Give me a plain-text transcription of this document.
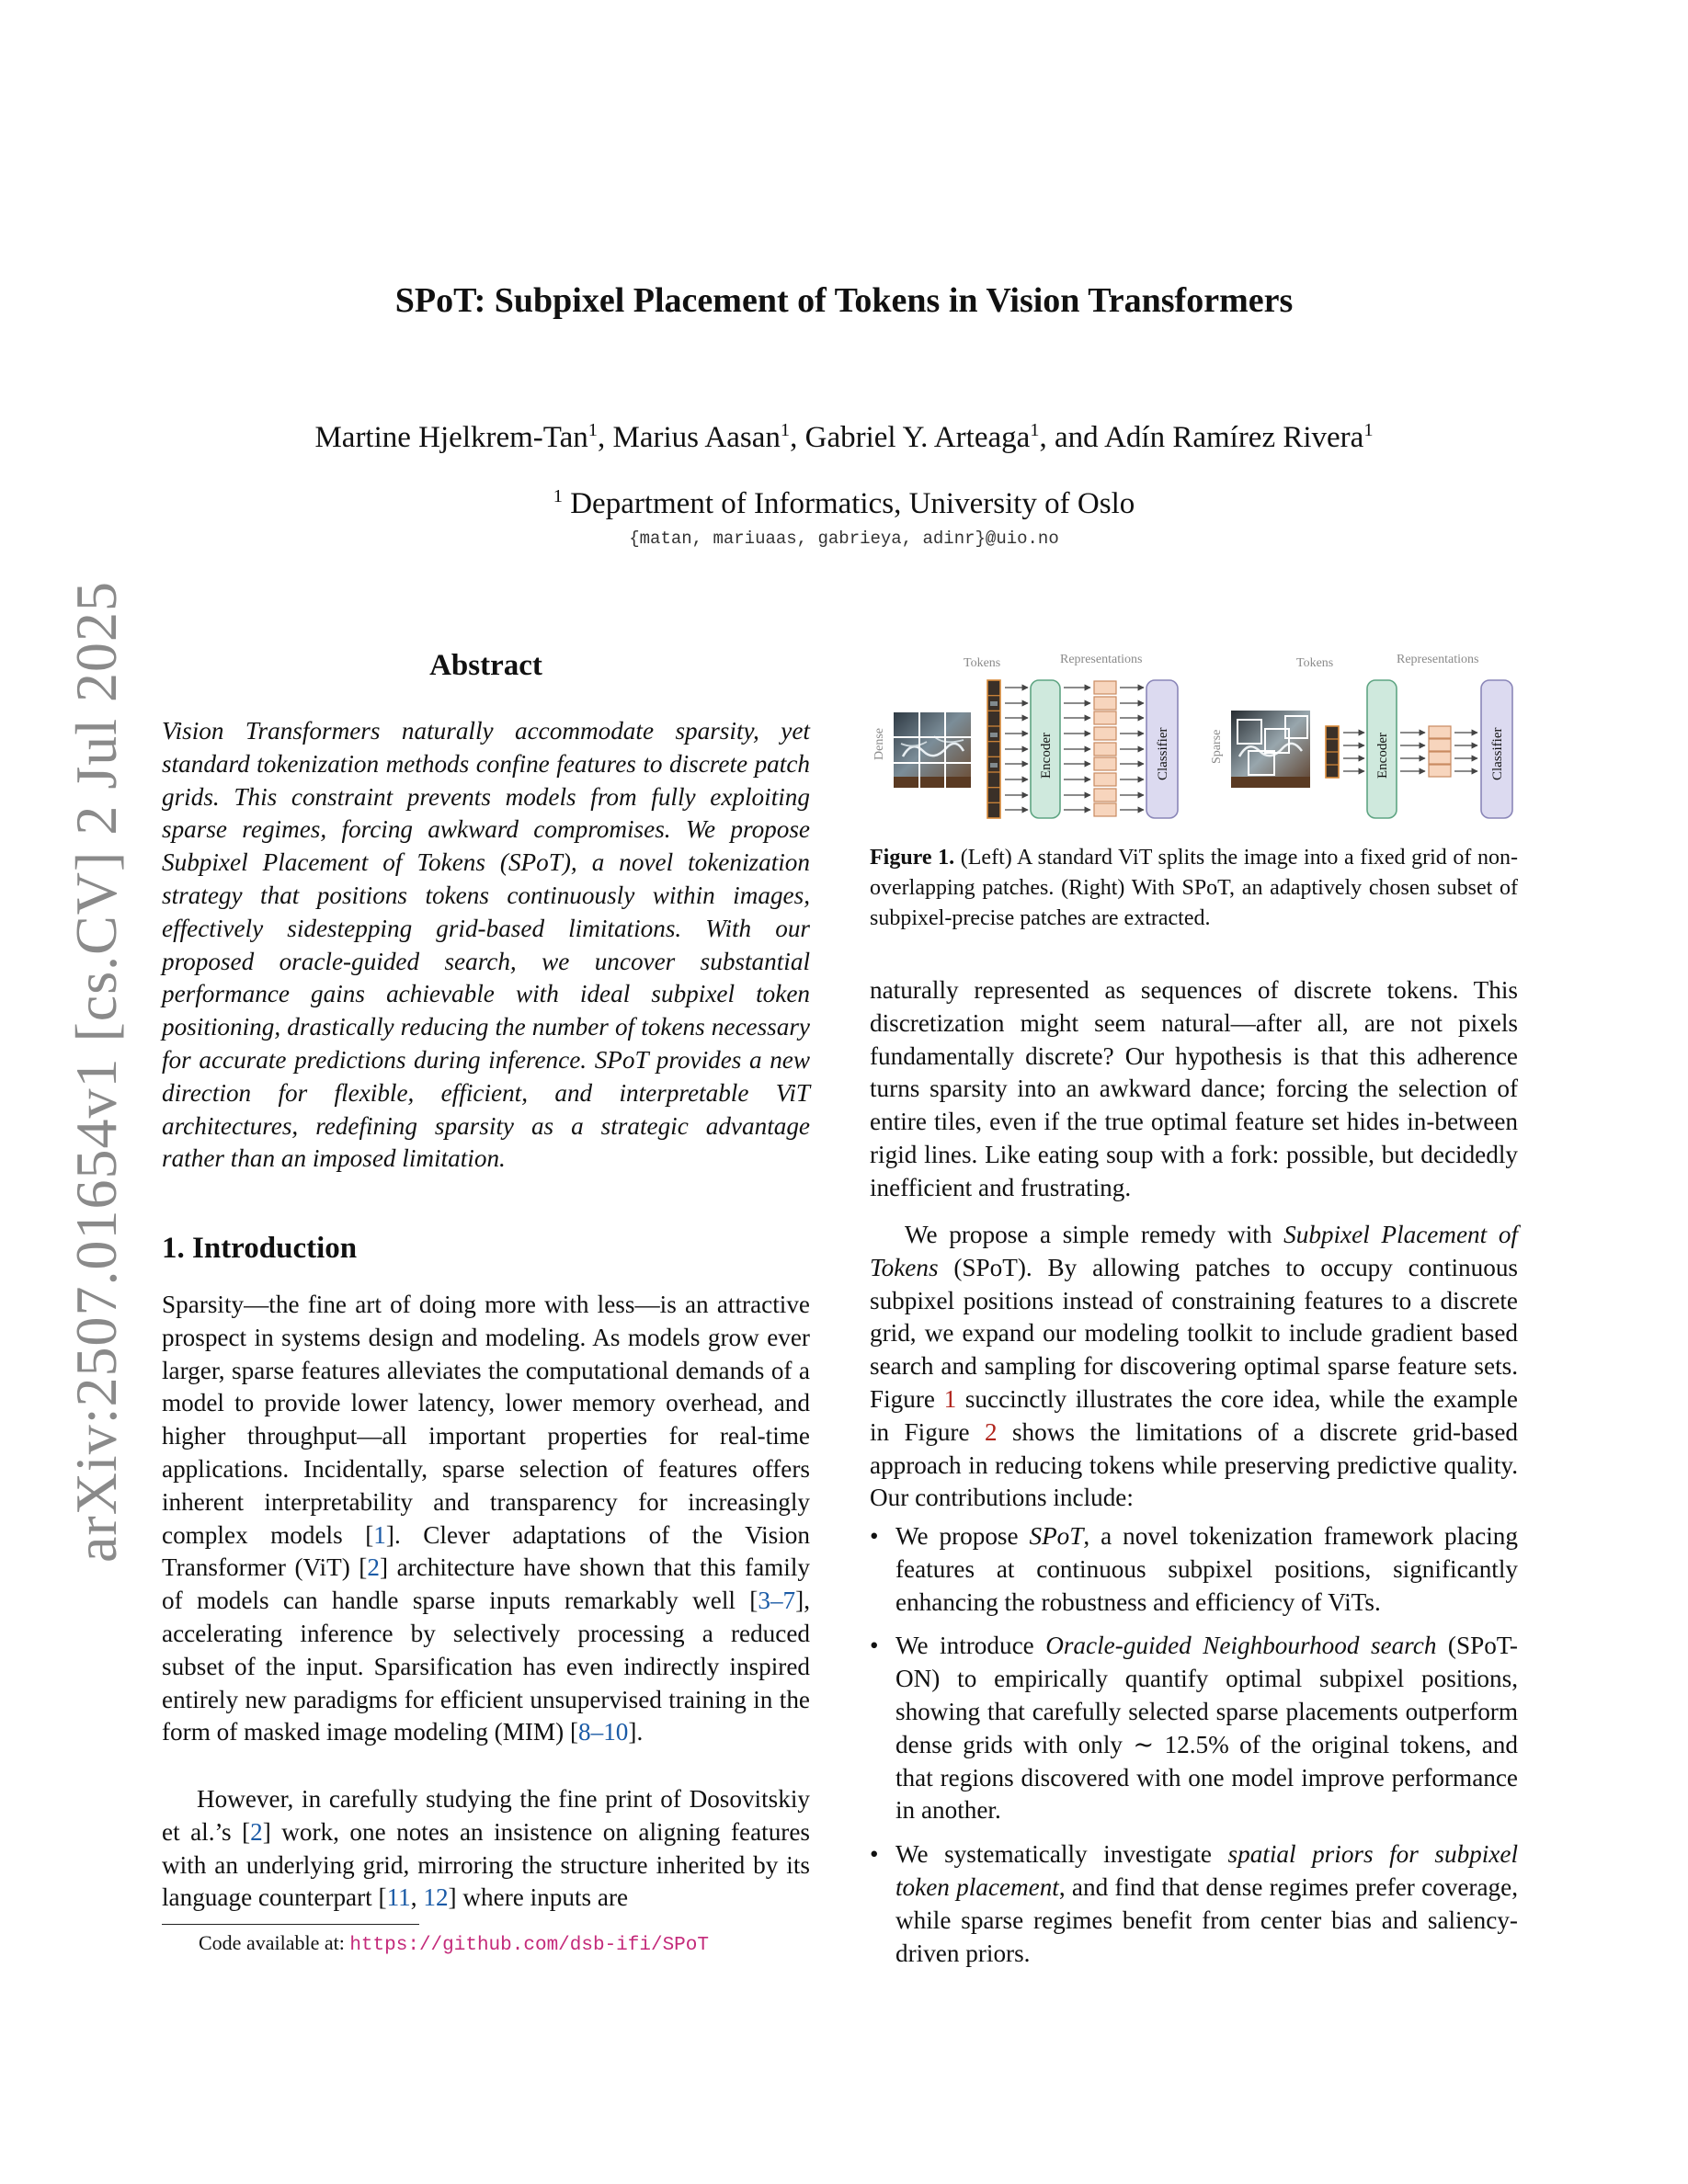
arXiv:2507.01654v1 [cs.CV] 2 Jul 2025
SPoT: Subpixel Placement of Tokens in Vision Transformers
Martine Hjelkrem-Tan$^1$, Marius Aasan$^1$, Gabriel Y. Arteaga$^1$, and Adín Ramírez Rivera$^1$
$^1$ Department of Informatics, University of Oslo
{matan, mariuaas, gabrieya, adinr}@uio.no
Abstract
Vision Transformers naturally accommodate sparsity, yet standard tokenization methods confine features to discrete patch grids. This constraint prevents models from fully exploiting sparse regimes, forcing awkward compromises. We propose Subpixel Placement of Tokens (SPoT), a novel tokenization strategy that positions tokens continuously within images, effectively sidestepping grid-based limitations. With our proposed oracle-guided search, we uncover substantial performance gains achievable with ideal subpixel token positioning, drastically reducing the number of tokens necessary for accurate predictions during inference. SPoT provides a new direction for flexible, efficient, and interpretable ViT architectures, redefining sparsity as a strategic advantage rather than an imposed limitation.
1. Introduction
Sparsity—the fine art of doing more with less—is an attractive prospect in systems design and modeling. As models grow ever larger, sparse features alleviates the computational demands of a model to provide lower latency, lower memory overhead, and higher throughput—all important properties for real-time applications. Incidentally, sparse selection of features offers inherent interpretability and transparency for increasingly complex models [1]. Clever adaptations of the Vision Transformer (ViT) [2] architecture have shown that this family of models can handle sparse inputs remarkably well [3–7], accelerating inference by selectively processing a reduced subset of the input. Sparsification has even indirectly inspired entirely new paradigms for efficient unsupervised training in the form of masked image modeling (MIM) [8–10].
However, in carefully studying the fine print of Dosovitskiy et al.’s [2] work, one notes an insistence on aligning features with an underlying grid, mirroring the structure inherited by its language counterpart [11, 12] where inputs are
Code available at: https://github.com/dsb-ifi/SPoT
Dense
Tokens
Encoder
Representations
Classifier	Sparse
Tokens
Encoder
Representations
Classifier
Figure 1. (Left) A standard ViT splits the image into a fixed grid of non-overlapping patches. (Right) With SPoT, an adaptively chosen subset of subpixel-precise patches are extracted.
naturally represented as sequences of discrete tokens. This discretization might seem natural—after all, are not pixels fundamentally discrete? Our hypothesis is that this adherence turns sparsity into an awkward dance; forcing the selection of entire tiles, even if the true optimal feature set hides in-between rigid lines. Like eating soup with a fork: possible, but decidedly inefficient and frustrating.
We propose a simple remedy with Subpixel Placement of Tokens (SPoT). By allowing patches to occupy continuous subpixel positions instead of constraining features to a discrete grid, we expand our modeling toolkit to include gradient based search and sampling for discovering optimal sparse feature sets. Figure 1 succinctly illustrates the core idea, while the example in Figure 2 shows the limitations of a discrete grid-based approach in reducing tokens while preserving predictive quality. Our contributions include:
• We propose SPoT, a novel tokenization framework placing features at continuous subpixel positions, significantly enhancing the robustness and efficiency of ViTs.
• We introduce Oracle-guided Neighbourhood search (SPoT-ON) to empirically quantify optimal subpixel positions, showing that carefully selected sparse placements outperform dense grids with only ∼ 12.5% of the original tokens, and that regions discovered with one model improve performance in another.
• We systematically investigate spatial priors for subpixel token placement, and find that dense regimes prefer coverage, while sparse regimes benefit from center bias and saliency-driven priors.
